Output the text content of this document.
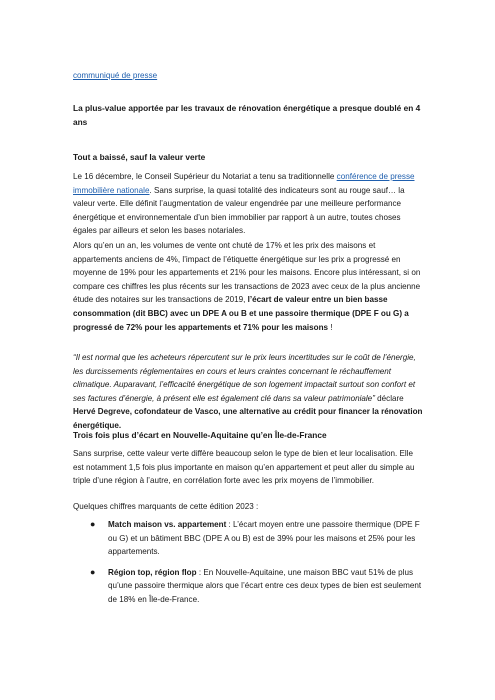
communiqué de presse
La plus-value apportée par les travaux de rénovation énergétique a presque doublé en 4 ans
Tout a baissé, sauf la valeur verte
Le 16 décembre, le Conseil Supérieur du Notariat a tenu sa traditionnelle conférence de presse immobilière nationale. Sans surprise, la quasi totalité des indicateurs sont au rouge sauf… la valeur verte. Elle définit l’augmentation de valeur engendrée par une meilleure performance énergétique et environnementale d’un bien immobilier par rapport à un autre, toutes choses égales par ailleurs et selon les bases notariales.
Alors qu’en un an, les volumes de vente ont chuté de 17% et les prix des maisons et appartements anciens de 4%, l’impact de l’étiquette énergétique sur les prix a progressé en moyenne de 19% pour les appartements et 21% pour les maisons. Encore plus intéressant, si on compare ces chiffres les plus récents sur les transactions de 2023 avec ceux de la plus ancienne étude des notaires sur les transactions de 2019, l’écart de valeur entre un bien basse consommation (dit BBC) avec un DPE A ou B et une passoire thermique (DPE F ou G) a progressé de 72% pour les appartements et 71% pour les maisons !
“Il est normal que les acheteurs répercutent sur le prix leurs incertitudes sur le coût de l’énergie, les durcissements réglementaires en cours et leurs craintes concernant le réchauffement climatique. Auparavant, l’efficacité énergétique de son logement impactait surtout son confort et ses factures d’énergie, à présent elle est également clé dans sa valeur patrimoniale” déclare Hervé Degreve, cofondateur de Vasco, une alternative au crédit pour financer la rénovation énergétique.
Trois fois plus d’écart en Nouvelle-Aquitaine qu’en Île-de-France
Sans surprise, cette valeur verte diffère beaucoup selon le type de bien et leur localisation. Elle est notamment 1,5 fois plus importante en maison qu’en appartement et peut aller du simple au triple d’une région à l’autre, en corrélation forte avec les prix moyens de l’immobilier.
Quelques chiffres marquants de cette édition 2023 :
● Match maison vs. appartement : L’écart moyen entre une passoire thermique (DPE F ou G) et un bâtiment BBC (DPE A ou B) est de 39% pour les maisons et 25% pour les appartements.
● Région top, région flop : En Nouvelle-Aquitaine, une maison BBC vaut 51% de plus qu’une passoire thermique alors que l’écart entre ces deux types de bien est seulement de 18% en Île-de-France.
